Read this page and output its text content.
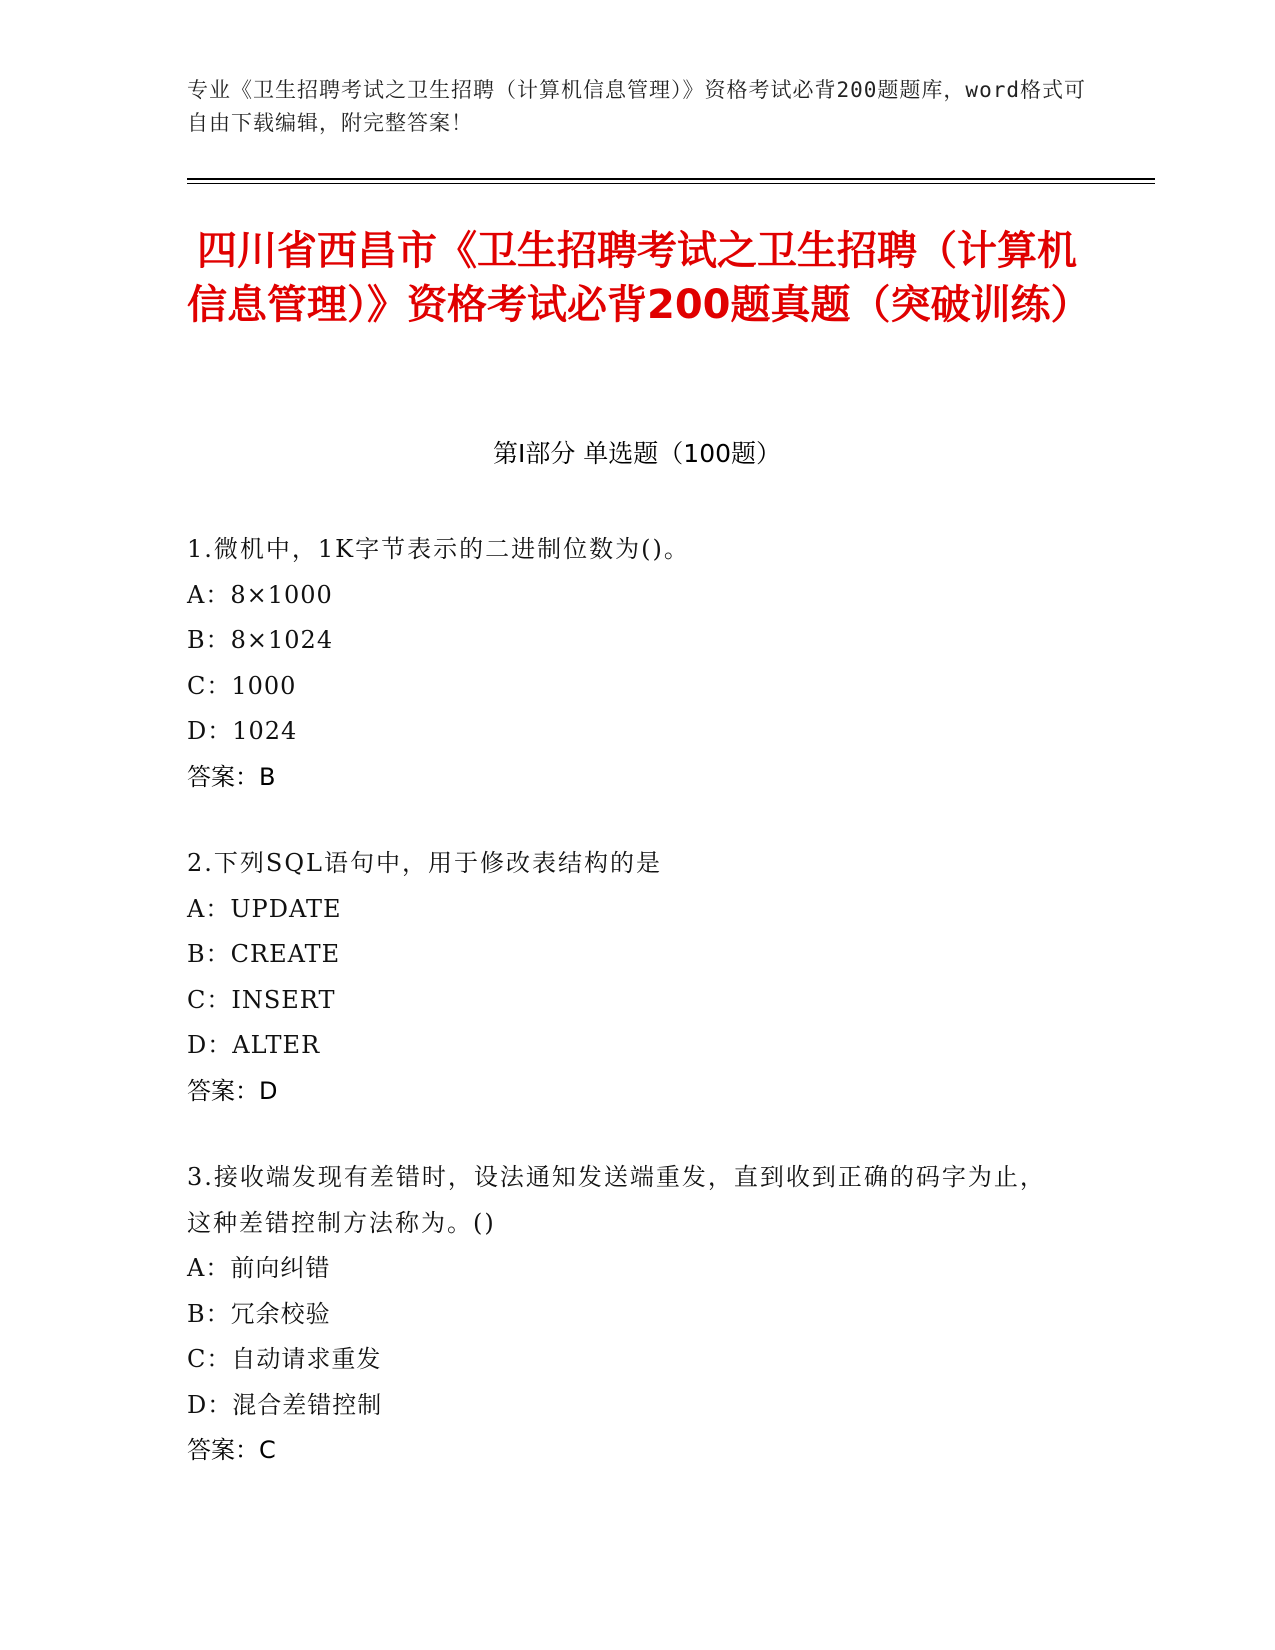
专业《卫生招聘考试之卫生招聘（计算机信息管理）》资格考试必背200题题库，word格式可自由下载编辑，附完整答案！
四川省西昌市《卫生招聘考试之卫生招聘（计算机信息管理）》资格考试必背200题真题（突破训练）
第Ⅰ部分 单选题（100题）

1.微机中，1K字节表示的二进制位数为()。

A：8×1000

B：8×1024

C：1000

D：1024

答案：B

2.下列SQL语句中，用于修改表结构的是

A：UPDATE

B：CREATE

C：INSERT

D：ALTER

答案：D

3.接收端发现有差错时，设法通知发送端重发，直到收到正确的码字为止，这种差错控制方法称为。()

A：前向纠错

B：冗余校验

C：自动请求重发

D：混合差错控制

答案：C
